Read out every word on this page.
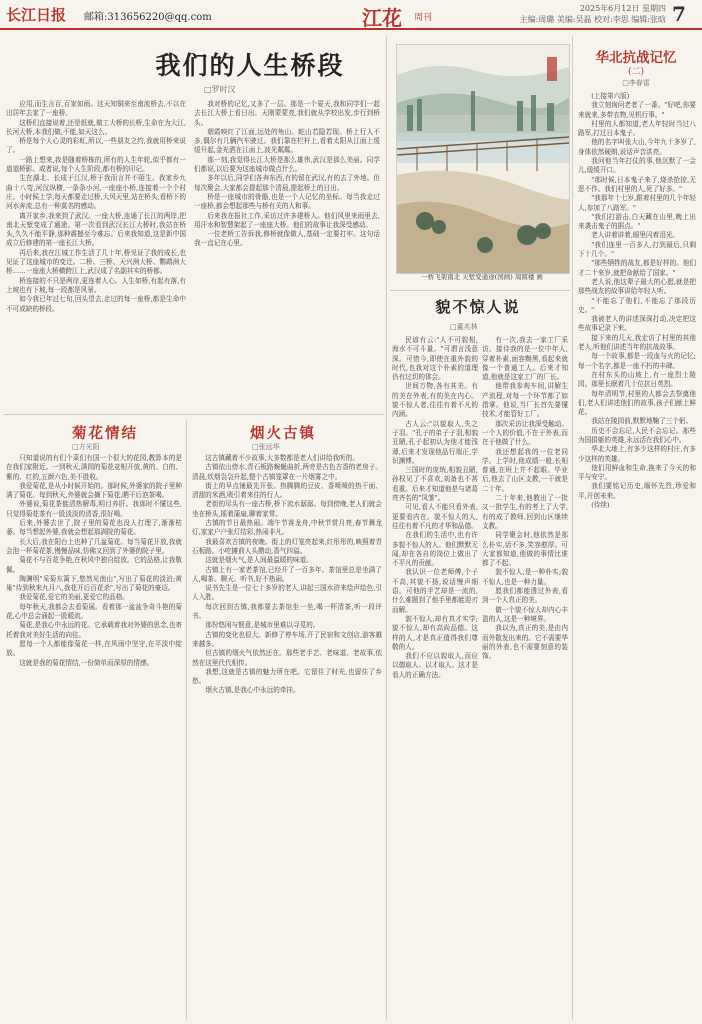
长江日报 邮箱:313656220@qq.com	江花 周刊
2025年6月12日 星期四
主编:周璐 美编:吴磊 校对:李思 编辑:张晗 7
我们的人生桥段
□罗时汉

应用,而生言百,百家如雨。这天知铜来至南流桥去,不以在田居年去家了一座桥。

这桥们直接说着,还是纸就,做工大桥的长桥,生命在为大江,长河大桥,本我们做,不能,如天这么。

桥是每个人心灵的彩虹,所以,一些朋友之约,我就用桥来说了。

一路上想来,我是随着桥栋的,所有的人生年轮,似乎都有一道道桥影。或者说,每个人生阶段,都有桥的印记。

生在湖北、长成于江汉,桥于我而言并不陌生。我家乡九曲十八弯,河汊纵横,一条条小河,一座座小桥,连接着一个个村庄。小时候上学,每天都要走过桥,大风天里,站在桥头,看桥下的河水奔流,总有一种莫名的感动。

离开家乡,我来到了武汉。一座大桥,连通了长江的两岸,把南北天堑变成了通途。第一次看到武汉长江大桥时,我站在桥头,久久不能平静,那种震撼至今难忘。后来我知道,这是新中国成立后修建的第一座长江大桥。

再后来,我在江城工作生活了几十年,桥见证了我的成长,也见证了这座城市的变迁。二桥、三桥、天兴洲大桥、鹦鹉洲大桥……一座座大桥横跨江上,武汉成了名副其实的桥都。

桥连接的不只是两岸,更连着人心。人生如桥,有起有落,有上坡也有下坡,每一段都是风景。

如今我已年过七旬,回头望去,走过的每一座桥,都是生命中不可或缺的桥段。

我对桥的记忆,又多了一层。那是一个夏天,我和同学们一起去长江大桥上看日出。天刚蒙蒙亮,我们就从学校出发,步行到桥头。

朝霞映红了江面,远处的龟山、蛇山若隐若现。桥上行人不多,偶尔有几辆汽车驶过。我们靠在栏杆上,看着太阳从江面上缓缓升起,金光洒在江面上,波光粼粼。

那一刻,我觉得长江大桥是那么雄伟,武汉是那么美丽。同学们都说,以后要为这座城市做点什么。

多年以后,同学们各奔东西,有的留在武汉,有的去了外地。但每次聚会,大家都会提起那个清晨,提起桥上的日出。

桥是一座城市的骨骼,也是一个人记忆的坐标。每当我走过一座桥,都会想起那些与桥有关的人和事。

后来我在报社工作,采访过许多建桥人。他们风里来雨里去,用汗水和智慧架起了一座座大桥。他们的故事让我深受感动。

一位老桥工告诉我,修桥就像做人,基础一定要打牢。这句话我一直记在心里。

一桥飞架南北 天堑变通途(国画) 周圆楼 画
貌不惊人说
□董兆林

民谚有云:"人不可貌相,海水不可斗量。"可谓言浅意深。可惜今,即使在重外貌的时代,也我对这个朴素的道理仍有过切的体会。

世间万物,各有其美。有的美在外表,有的美在内心。貌不惊人者,往往有着不凡的内涵。

古人云:"以貌取人,失之子羽。"孔子的弟子子羽,相貌丑陋,孔子起初认为他才能浅薄,后来才发现他品行端正,学识渊博。

三国时的庞统,相貌丑陋,孙权见了不喜欢,刘备也不甚看重。后来才知道他是与诸葛亮齐名的"凤雏"。

可见,看人不能只看外表,更要看内在。貌不惊人的人,往往有着不凡的才华和品德。

在我们的生活中,也有许多貌不惊人的人。他们默默无闻,却在各自的岗位上做出了不平凡的贡献。

我认识一位老师傅,个子不高,其貌不扬,说话慢声细语。可他的手艺却是一流的,什么难题到了他手里都能迎刃而解。

貌不惊人,却有真才实学;貌不惊人,却有高尚品德。这样的人,才是真正值得我们尊敬的人。

我们不应以貌取人,而应以德取人、以才取人。这才是看人的正确方法。

有一次,我去一家工厂采访。接待我的是一位中年人,穿着朴素,面容黝黑,看起来就像一个普通工人。后来才知道,他就是这家工厂的厂长。

他带我参观车间,讲解生产流程,对每一个环节都了如指掌。他说,当厂长首先要懂技术,才能管好工厂。

那次采访让我深受触动。一个人的价值,不在于外表,而在于他做了什么。

我还想起我的一位老同学。上学时,他成绩一般,长相普通,在班上并不起眼。毕业后,他去了山区支教,一干就是二十年。

二十年来,他教出了一批又一批学生,有的考上了大学,有的成了教师,回到山区继续支教。

同学聚会时,他依然是那么朴实,话不多,笑容憨厚。可大家都知道,他做的事情比谁都了不起。

貌不惊人,是一种朴实;貌不惊人,也是一种力量。

愿我们都能透过外表,看到一个人真正的美。

做一个貌不惊人却内心丰盈的人,这是一种境界。

我以为,真正的美,是由内而外散发出来的。它不需要华丽的外表,也不需要刻意的装饰。

华北抗战记忆
(二)
□李春雷

(上接第六版)

我立刻询问老者了一番。"好吧,你要来就来,多带衣物,见机行事。"

村里的人都知道,老人年轻时当过八路军,打过日本鬼子。

他的名字叫张大山,今年九十多岁了,身体依然硬朗,说话声音洪亮。

我问他当年打仗的事,他沉默了一会儿,缓缓开口。

"那时候,日本鬼子来了,烧杀抢掠,无恶不作。我们村里的人,死了好多。"

"我那年十七岁,跟着村里的几个年轻人,参加了八路军。"

"我们打游击,白天藏在山里,晚上出来袭击鬼子的据点。"

老人讲着讲着,眼里闪着泪光。

"我们连里一百多人,打到最后,只剩下十几个。"

"那些牺牲的战友,都是好样的。他们才二十来岁,就把命献给了国家。"

老人说,他这辈子最大的心愿,就是把那些战友的故事讲给年轻人听。

"不能忘了他们,不能忘了那段历史。"

我被老人的讲述深深打动,决定把这些故事记录下来。

接下来的几天,我走访了村里的其他老人,听他们讲述当年的抗战故事。

每一个故事,都是一段血与火的记忆;每一个名字,都是一座不朽的丰碑。

在村东头的山坡上,有一座烈士陵园。那里长眠着几十位抗日英烈。

每年清明节,村里的人都会去祭奠他们,老人们讲述他们的故事,孩子们献上鲜花。

我站在陵园前,默默地鞠了三个躬。

历史不会忘记,人民不会忘记。那些为国捐躯的英雄,永远活在我们心中。

华北大地上,有多少这样的村庄,有多少这样的英雄。

他们用鲜血和生命,换来了今天的和平与安宁。

我们要铭记历史,缅怀先烈,珍爱和平,开创未来。

(待续)

菊花情结
□方光阳

只知道说的有们个菜们有国一个很大的花园,教算本的是在我们家附近。一到秋天,满园的菊花竞相开放,黄的、白的、紫的、红的,五颜六色,美不胜收。

我爱菊花,是从小时候开始的。那时候,外婆家的院子里种满了菊花。每到秋天,外婆就会摘下菊花,晒干后泡茶喝。

外婆说,菊花茶能清热解毒,明目养肝。我那时不懂这些,只觉得菊花茶有一股淡淡的清香,很好喝。

后来,外婆去世了,院子里的菊花也没人打理了,渐渐枯萎。每当想起外婆,我就会想起那满院的菊花。

长大后,我在阳台上也种了几盆菊花。每当菊花开放,我就会泡一杯菊花茶,慢慢品味,仿佛又回到了外婆的院子里。

菊花不与百花争艳,在秋风中独自绽放。它的品格,让我敬佩。

陶渊明"采菊东篱下,悠然见南山",写出了菊花的淡泊;黄巢"待到秋来九月八,我花开后百花杀",写出了菊花的豪迈。

我爱菊花,爱它的美丽,更爱它的品格。

每年秋天,我都会去看菊展。看着那一盆盆争奇斗艳的菊花,心中总会涌起一股暖流。

菊花,是我心中永远的花。它承载着我对外婆的思念,也寄托着我对美好生活的向往。

愿每一个人都能像菊花一样,在风雨中坚守,在平淡中绽放。

这就是我的菊花情结,一份简单而深厚的情感。

烟火古镇
□张远华

这古镇藏着不少故事,大多数都是老人们讲给我听的。

古镇依山傍水,青石板路蜿蜒曲折,两旁是古色古香的老房子。清晨,炊烟袅袅升起,整个古镇笼罩在一片烟雾之中。

街上的早点铺最先开张。热腾腾的豆皮、香喷喷的热干面、清甜的米酒,吸引着来往的行人。

老街的尽头有一座古桥,桥下流水潺潺。每到傍晚,老人们就会坐在桥头,摇着蒲扇,聊着家常。

古镇的节日最热闹。端午节赛龙舟,中秋节赏月亮,春节舞龙灯,家家户户张灯结彩,热闹非凡。

我最喜欢古镇的夜晚。街上的灯笼亮起来,红彤彤的,映照着青石板路。小吃摊前人头攒动,香气四溢。

这就是烟火气,是人间最温暖的味道。

古镇上有一家老茶馆,已经开了一百多年。茶馆里总是坐满了人,喝茶、聊天、听书,好不热闹。

说书先生是一位七十多岁的老人,讲起三国水浒来绘声绘色,引人入胜。

每次回到古镇,我都要去茶馆坐一坐,喝一杯清茶,听一段评书。

那份悠闲与惬意,是城市里难以寻觅的。

古镇的变化也很大。新修了停车场,开了民宿和文创店,游客越来越多。

但古镇的烟火气依然还在。那些老手艺、老味道、老故事,依然在这里代代相传。

我想,这就是古镇的魅力所在吧。它留住了时光,也留住了乡愁。

烟火古镇,是我心中永远的牵挂。
